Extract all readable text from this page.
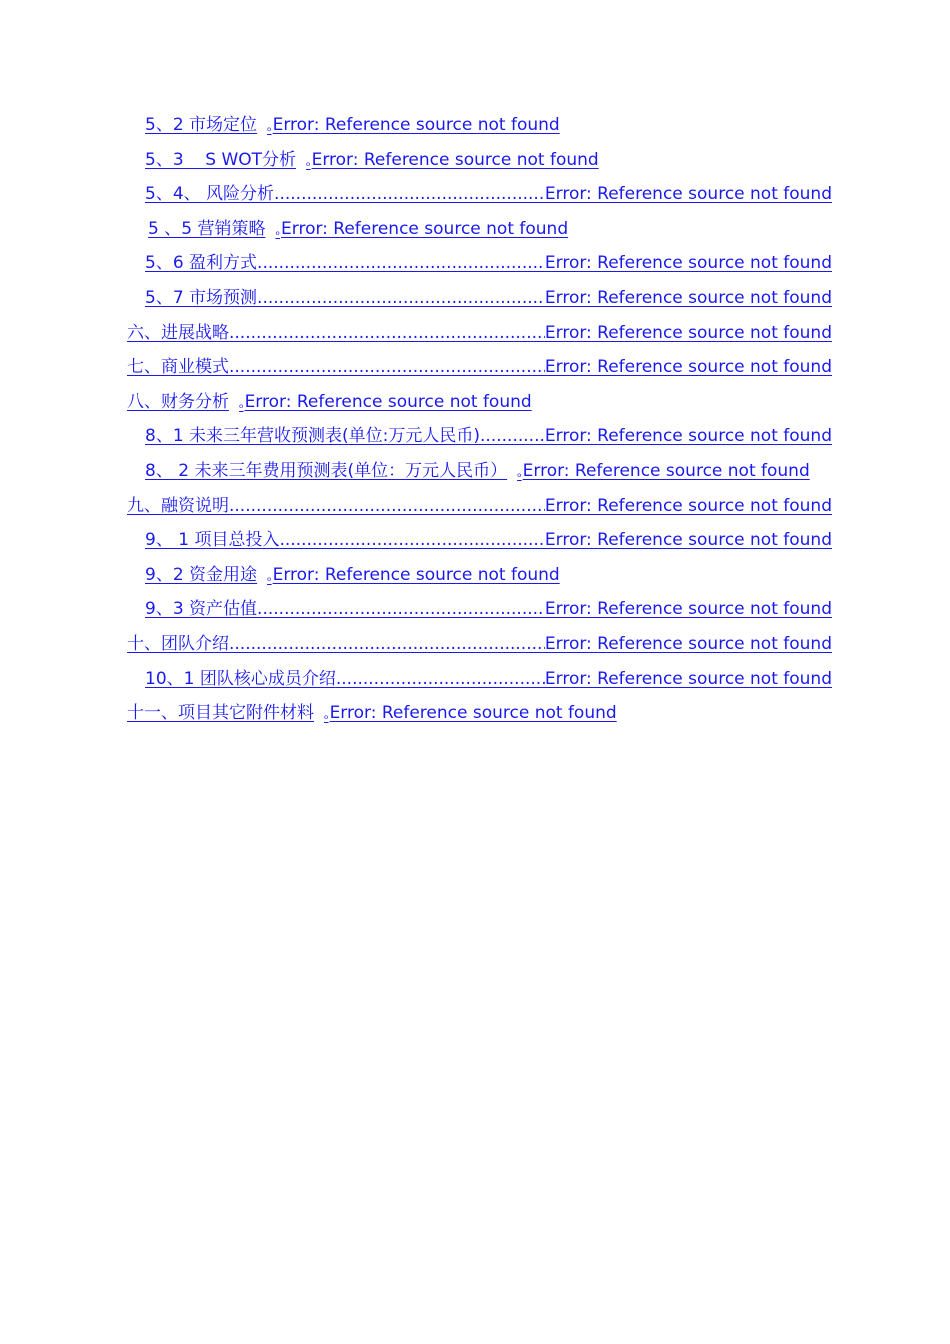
5、2 市场定位 ₒ Error: Reference source not found
5、3    S WOT分析 ₒ Error: Reference source not found
5、4、 风险分析 .....	Error: Reference source not found
5 、5 营销策略 ₒ Error: Reference source not found
5、6 盈利方式 .....	Error: Reference source not found
5、7 市场预测 .....	Error: Reference source not found
六、进展战略 .....	Error: Reference source not found
七、商业模式 .....	Error: Reference source not found
八、财务分析 ₒ Error: Reference source not found
8、1 未来三年营收预测表(单位:万元人民币) .....	Error: Reference source not found
8、 2 未来三年费用预测表(单位：万元人民币） ₒ Error: Reference source not found
九、融资说明 .....	Error: Reference source not found
9、 1 项目总投入 .....	Error: Reference source not found
9、2 资金用途 ₒ Error: Reference source not found
9、3 资产估值 .....	Error: Reference source not found
十、团队介绍 .....	Error: Reference source not found
10、1 团队核心成员介绍 .....	Error: Reference source not found
十一、项目其它附件材料 ₒ Error: Reference source not found
